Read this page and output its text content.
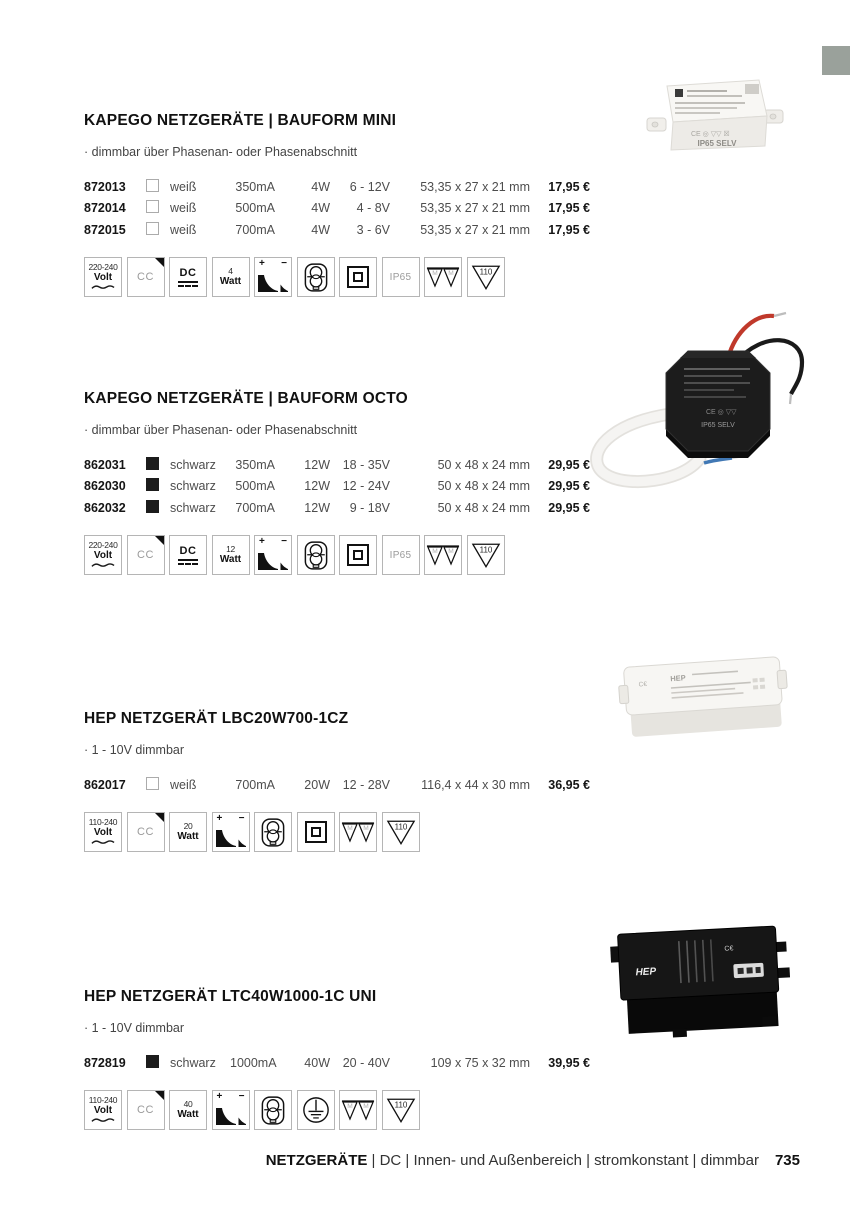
KAPEGO NETZGERÄTE | BAUFORM MINI

· dimmbar über Phasenan- oder Phasenabschnitt

872013	weiß	350mA	4W	6 - 12V	53,35 x 27 x 21 mm	17,95 €
872014	weiß	500mA	4W	4 - 8V	53,35 x 27 x 21 mm	17,95 €
872015	weiß	700mA	4W	3 - 6V	53,35 x 27 x 21 mm	17,95 €
220-240
Volt CC DC	4
Watt
+ −
IP65	M M	110
KAPEGO NETZGERÄTE | BAUFORM OCTO

· dimmbar über Phasenan- oder Phasenabschnitt

862031	schwarz	350mA	12W	18 - 35V	50 x 48 x 24 mm	29,95 €
862030	schwarz	500mA	12W	12 - 24V	50 x 48 x 24 mm	29,95 €
862032	schwarz	700mA	12W	9 - 18V	50 x 48 x 24 mm	29,95 €
220-240
Volt CC DC	12
Watt
+ −
IP65	M M	110
HEP NETZGERÄT LBC20W700-1CZ

· 1 - 10V dimmbar

862017	weiß	700mA	20W	12 - 28V	116,4 x 44 x 30 mm	36,95 €
110-240
Volt CC
20
Watt
+ −
M M	110
HEP NETZGERÄT LTC40W1000-1C UNI

· 1 - 10V dimmbar

872819	schwarz	1000mA	40W	20 - 40V	109 x 75 x 32 mm	39,95 €
110-240
Volt CC
40
Watt
+ −
M M	110
CE ◎ ▽▽ ☒
IP65 SELV
CE ◎ ▽▽
IP65 SELV
HEP
C€
HEP
C€
NETZGERÄTE | DC | Innen- und Außenbereich | stromkonstant | dimmbar 735
